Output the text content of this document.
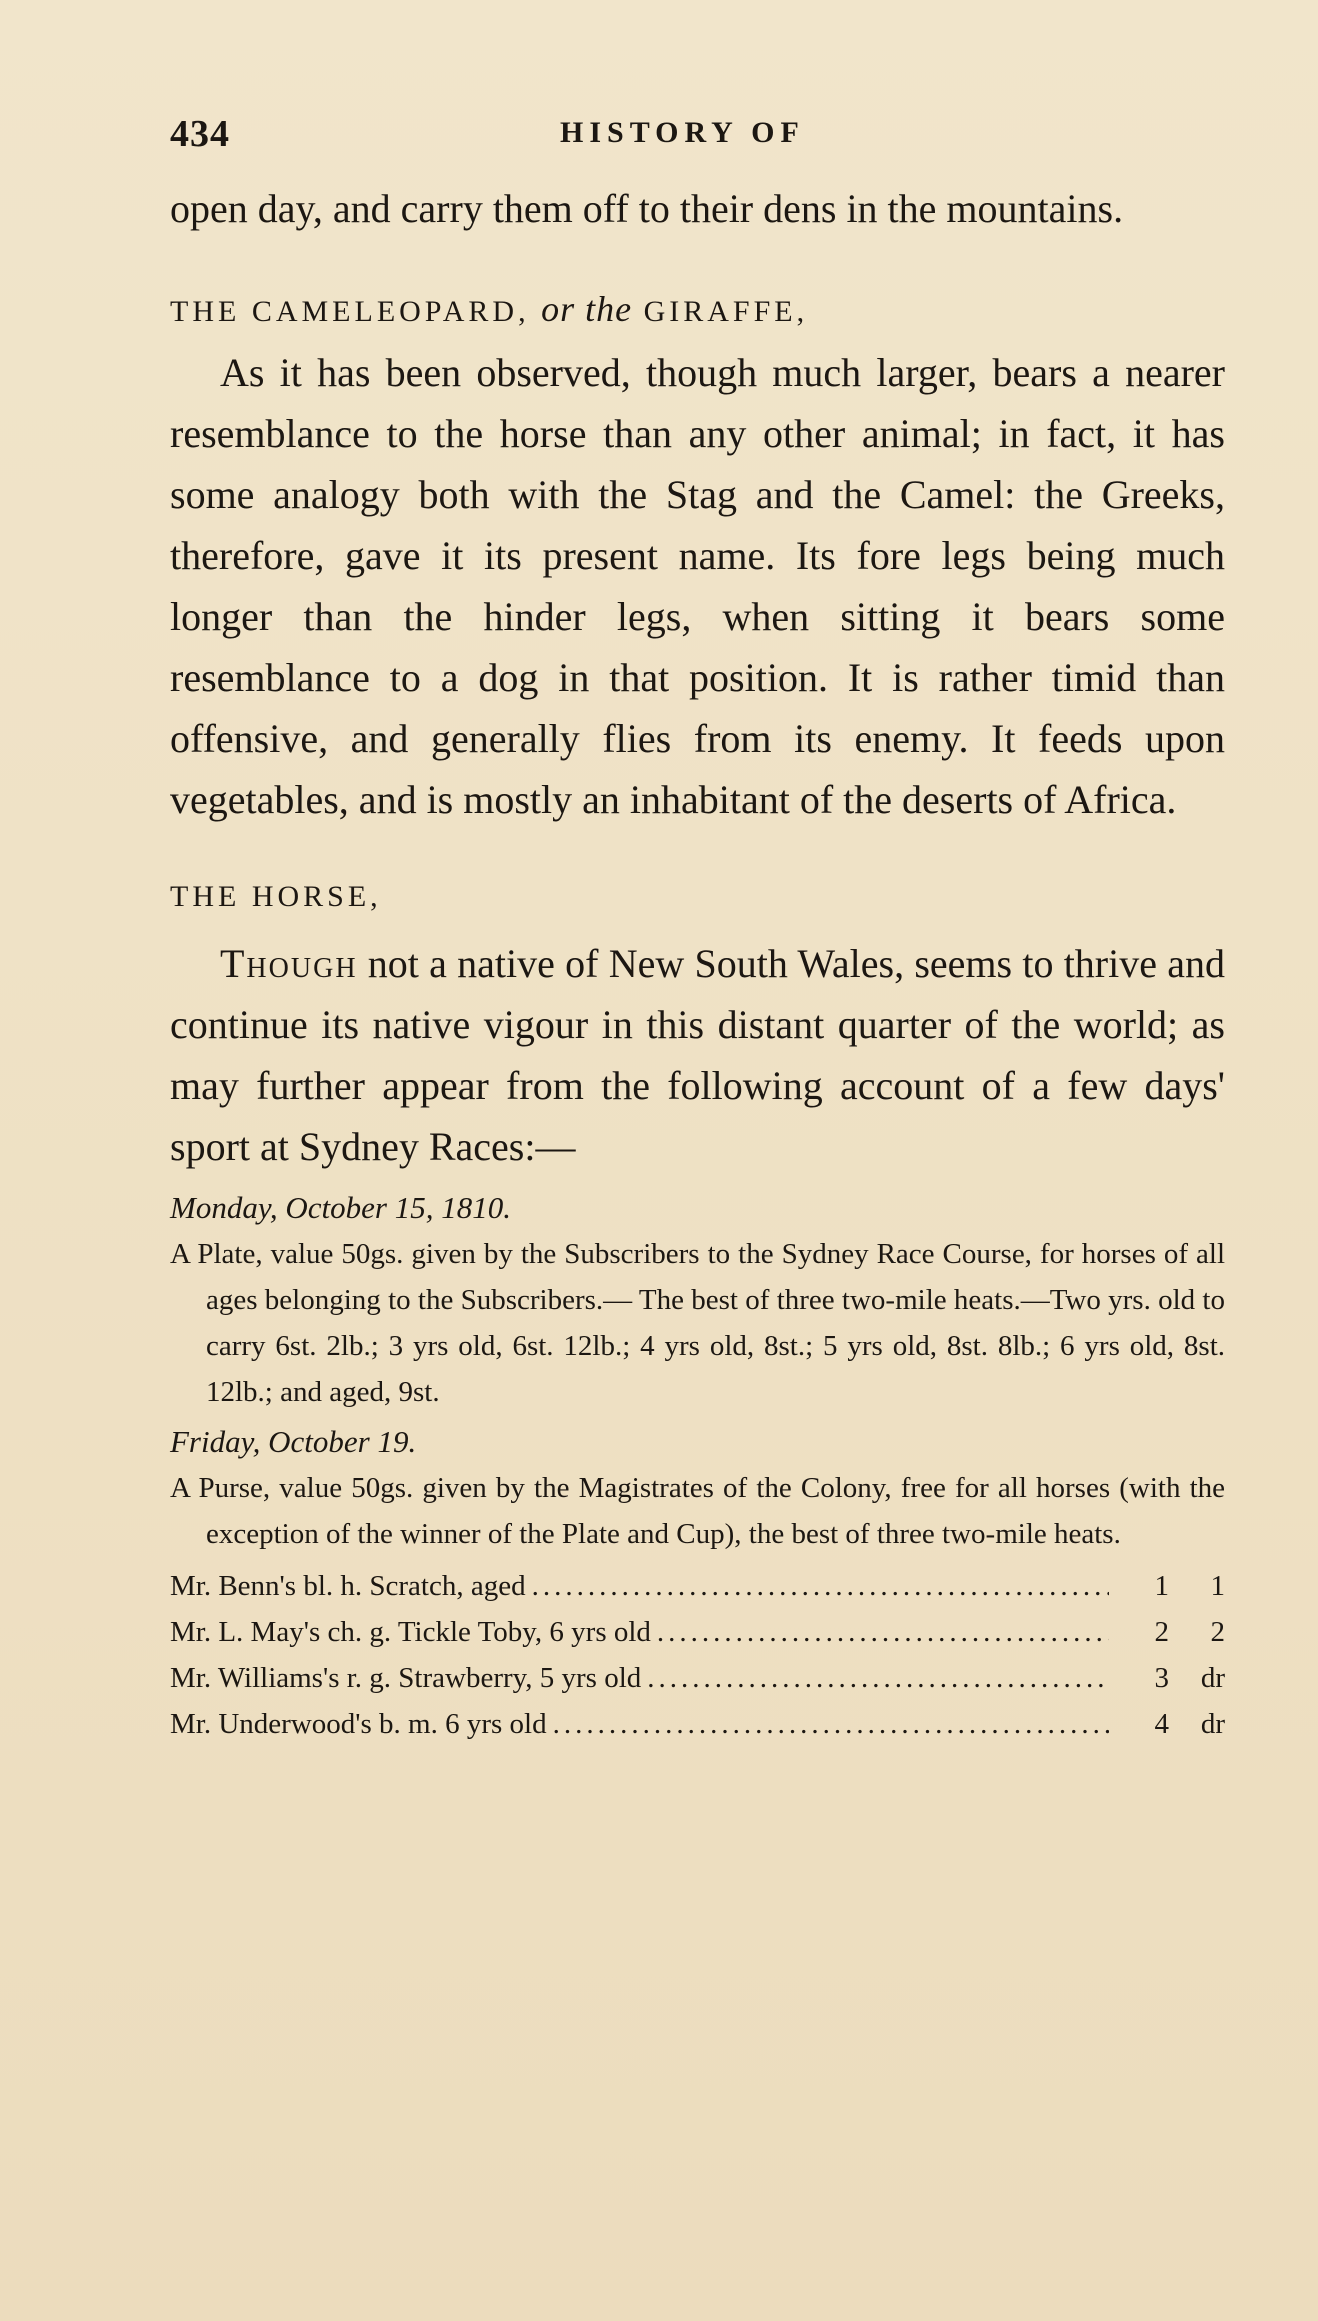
434	HISTORY OF

open day, and carry them off to their dens in the mountains.

THE CAMELEOPARD, or the GIRAFFE,

As it has been observed, though much larger, bears a nearer resemblance to the horse than any other animal; in fact, it has some analogy both with the Stag and the Camel: the Greeks, therefore, gave it its present name. Its fore legs being much longer than the hinder legs, when sitting it bears some resemblance to a dog in that position. It is rather timid than offensive, and generally flies from its enemy. It feeds upon vegetables, and is mostly an inhabitant of the deserts of Africa.

THE HORSE,

Though not a native of New South Wales, seems to thrive and continue its native vigour in this distant quarter of the world; as may further appear from the following account of a few days' sport at Sydney Races:—

Monday, October 15, 1810.

A Plate, value 50gs. given by the Subscribers to the Sydney Race Course, for horses of all ages belonging to the Subscribers.— The best of three two-mile heats.—Two yrs. old to carry 6st. 2lb.; 3 yrs old, 6st. 12lb.; 4 yrs old, 8st.; 5 yrs old, 8st. 8lb.; 6 yrs old, 8st. 12lb.; and aged, 9st.

Friday, October 19.

A Purse, value 50gs. given by the Magistrates of the Colony, free for all horses (with the exception of the winner of the Plate and Cup), the best of three two-mile heats.

Mr. Benn's bl. h. Scratch, aged .....	1	1
Mr. L. May's ch. g. Tickle Toby, 6 yrs old .....	2	2
Mr. Williams's r. g. Strawberry, 5 yrs old .....	3	dr
Mr. Underwood's b. m. 6 yrs old .....	4	dr
